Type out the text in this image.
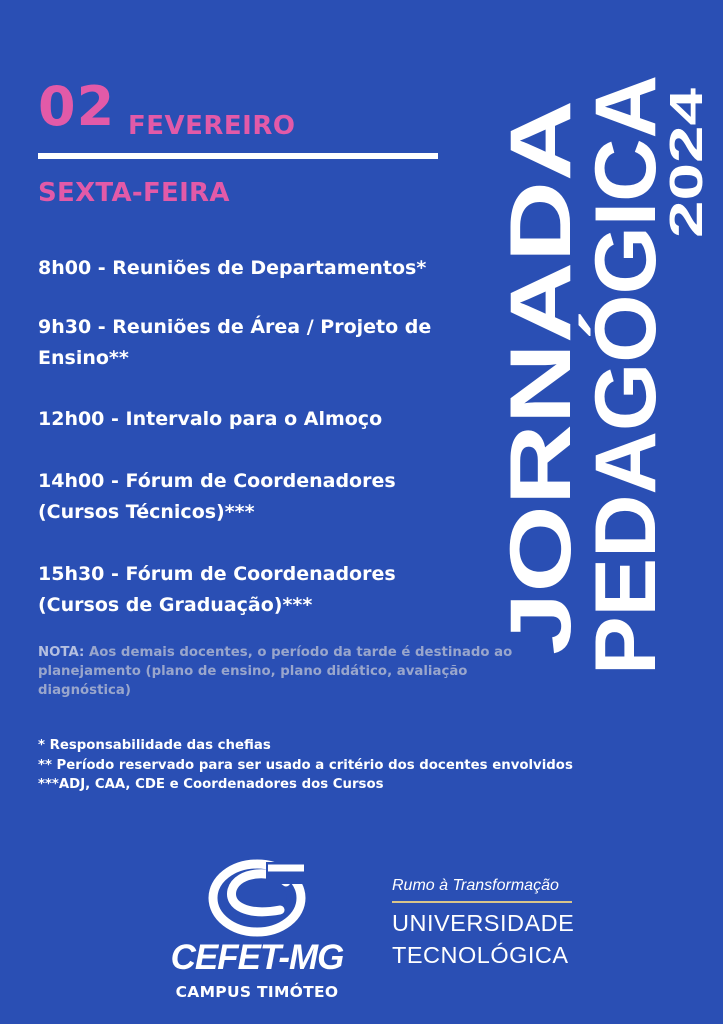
02 FEVEREIRO
SEXTA-FEIRA
8h00 - Reuniões de Departamentos*
9h30 - Reuniões de Área / Projeto de
Ensino**
12h00 - Intervalo para o Almoço
14h00 - Fórum de Coordenadores
(Cursos Técnicos)***
15h30 - Fórum de Coordenadores
(Cursos de Graduação)***
NOTA: Aos demais docentes, o período da tarde é destinado ao planejamento (plano de ensino, plano didático, avaliação diagnóstica)
* Responsabilidade das chefias
** Período reservado para ser usado a critério dos docentes envolvidos
***ADJ, CAA, CDE e Coordenadores dos Cursos
JORNADA
PEDAGÓGICA
2024
CEFET-MG
CAMPUS TIMÓTEO
Rumo à Transformação
UNIVERSIDADE
TECNOLÓGICA
